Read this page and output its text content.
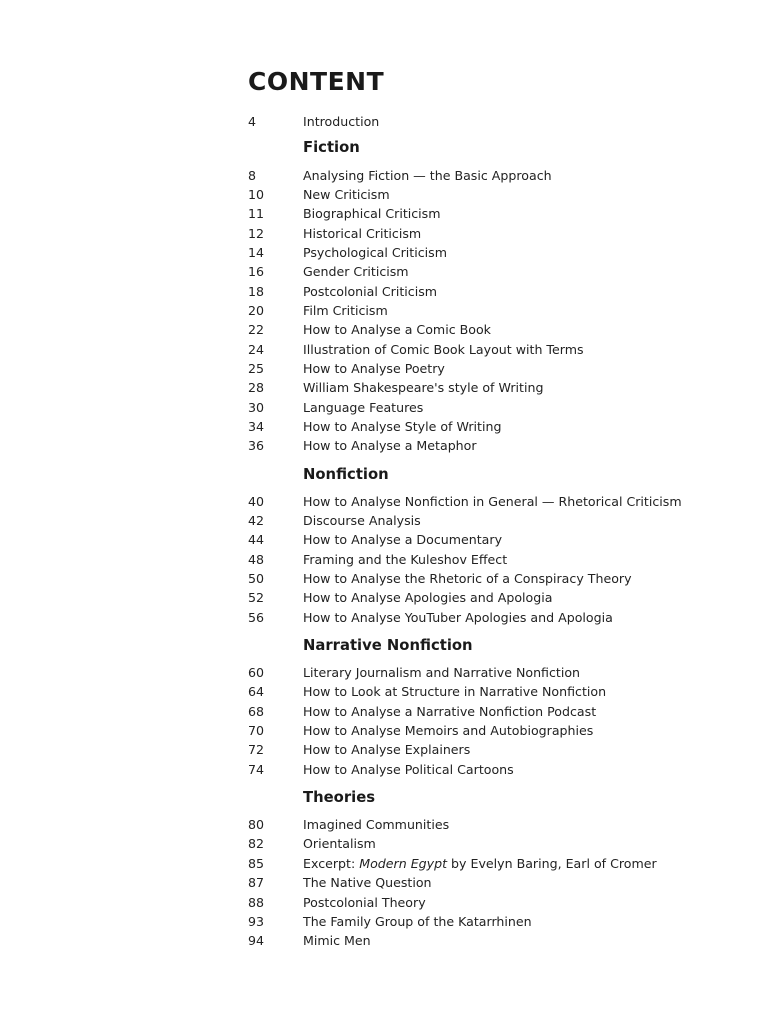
CONTENT
4	Introduction
Fiction
8	Analysing Fiction — the Basic Approach
10	New Criticism
11	Biographical Criticism
12	Historical Criticism
14	Psychological Criticism
16	Gender Criticism
18	Postcolonial Criticism
20	Film Criticism
22	How to Analyse a Comic Book
24	Illustration of Comic Book Layout with Terms
25	How to Analyse Poetry
28	William Shakespeare's style of Writing
30	Language Features
34	How to Analyse Style of Writing
36	How to Analyse a Metaphor
Nonfiction
40	How to Analyse Nonfiction in General — Rhetorical Criticism
42	Discourse Analysis
44	How to Analyse a Documentary
48	Framing and the Kuleshov Effect
50	How to Analyse the Rhetoric of a Conspiracy Theory
52	How to Analyse Apologies and Apologia
56	How to Analyse YouTuber Apologies and Apologia
Narrative Nonfiction
60	Literary Journalism and Narrative Nonfiction
64	How to Look at Structure in Narrative Nonfiction
68	How to Analyse a Narrative Nonfiction Podcast
70	How to Analyse Memoirs and Autobiographies
72	How to Analyse Explainers
74	How to Analyse Political Cartoons
Theories
80	Imagined Communities
82	Orientalism
85	Excerpt: Modern Egypt by Evelyn Baring, Earl of Cromer
87	The Native Question
88	Postcolonial Theory
93	The Family Group of the Katarrhinen
94	Mimic Men
